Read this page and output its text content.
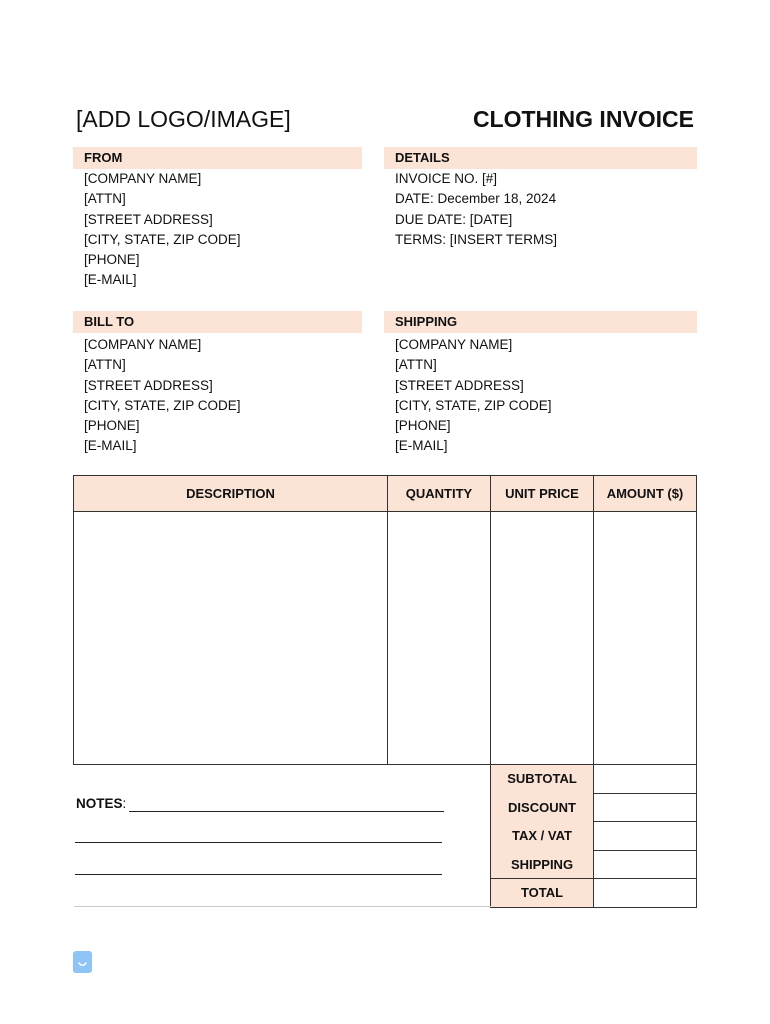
[ADD LOGO/IMAGE]	CLOTHING INVOICE
FROM
[COMPANY NAME]
[ATTN]
[STREET ADDRESS]
[CITY, STATE, ZIP CODE]
[PHONE]
[E-MAIL]
DETAILS
INVOICE NO. [#]
DATE: December 18, 2024
DUE DATE: [DATE]
TERMS: [INSERT TERMS]
BILL TO
[COMPANY NAME]
[ATTN]
[STREET ADDRESS]
[CITY, STATE, ZIP CODE]
[PHONE]
[E-MAIL]
SHIPPING
[COMPANY NAME]
[ATTN]
[STREET ADDRESS]
[CITY, STATE, ZIP CODE]
[PHONE]
[E-MAIL]
DESCRIPTION	QUANTITY	UNIT PRICE	AMOUNT ($)

SUBTOTAL	
DISCOUNT	
TAX / VAT	
SHIPPING	
TOTAL	
NOTES:
